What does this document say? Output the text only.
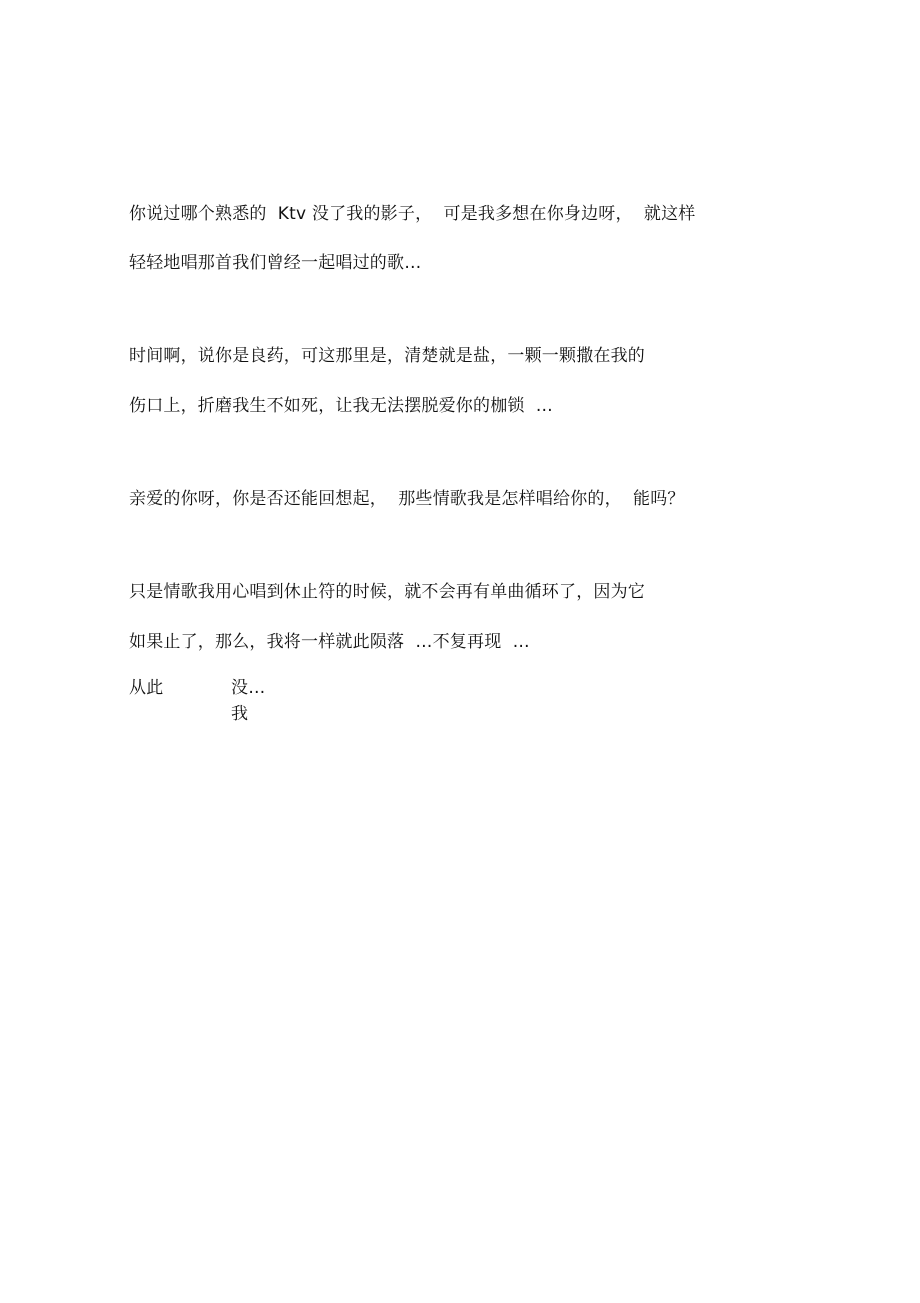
你说过哪个熟悉的  Ktv 没了我的影子，  可是我多想在你身边呀，  就这样
轻轻地唱那首我们曾经一起唱过的歌…
时间啊，说你是良药，可这那里是，清楚就是盐，一颗一颗撒在我的
伤口上，折磨我生不如死，让我无法摆脱爱你的枷锁  …
亲爱的你呀，你是否还能回想起，  那些情歌我是怎样唱给你的，  能吗？
只是情歌我用心唱到休止符的时候，就不会再有单曲循环了，因为它
如果止了，那么，我将一样就此陨落  …不复再现  …
从此	没…
我
